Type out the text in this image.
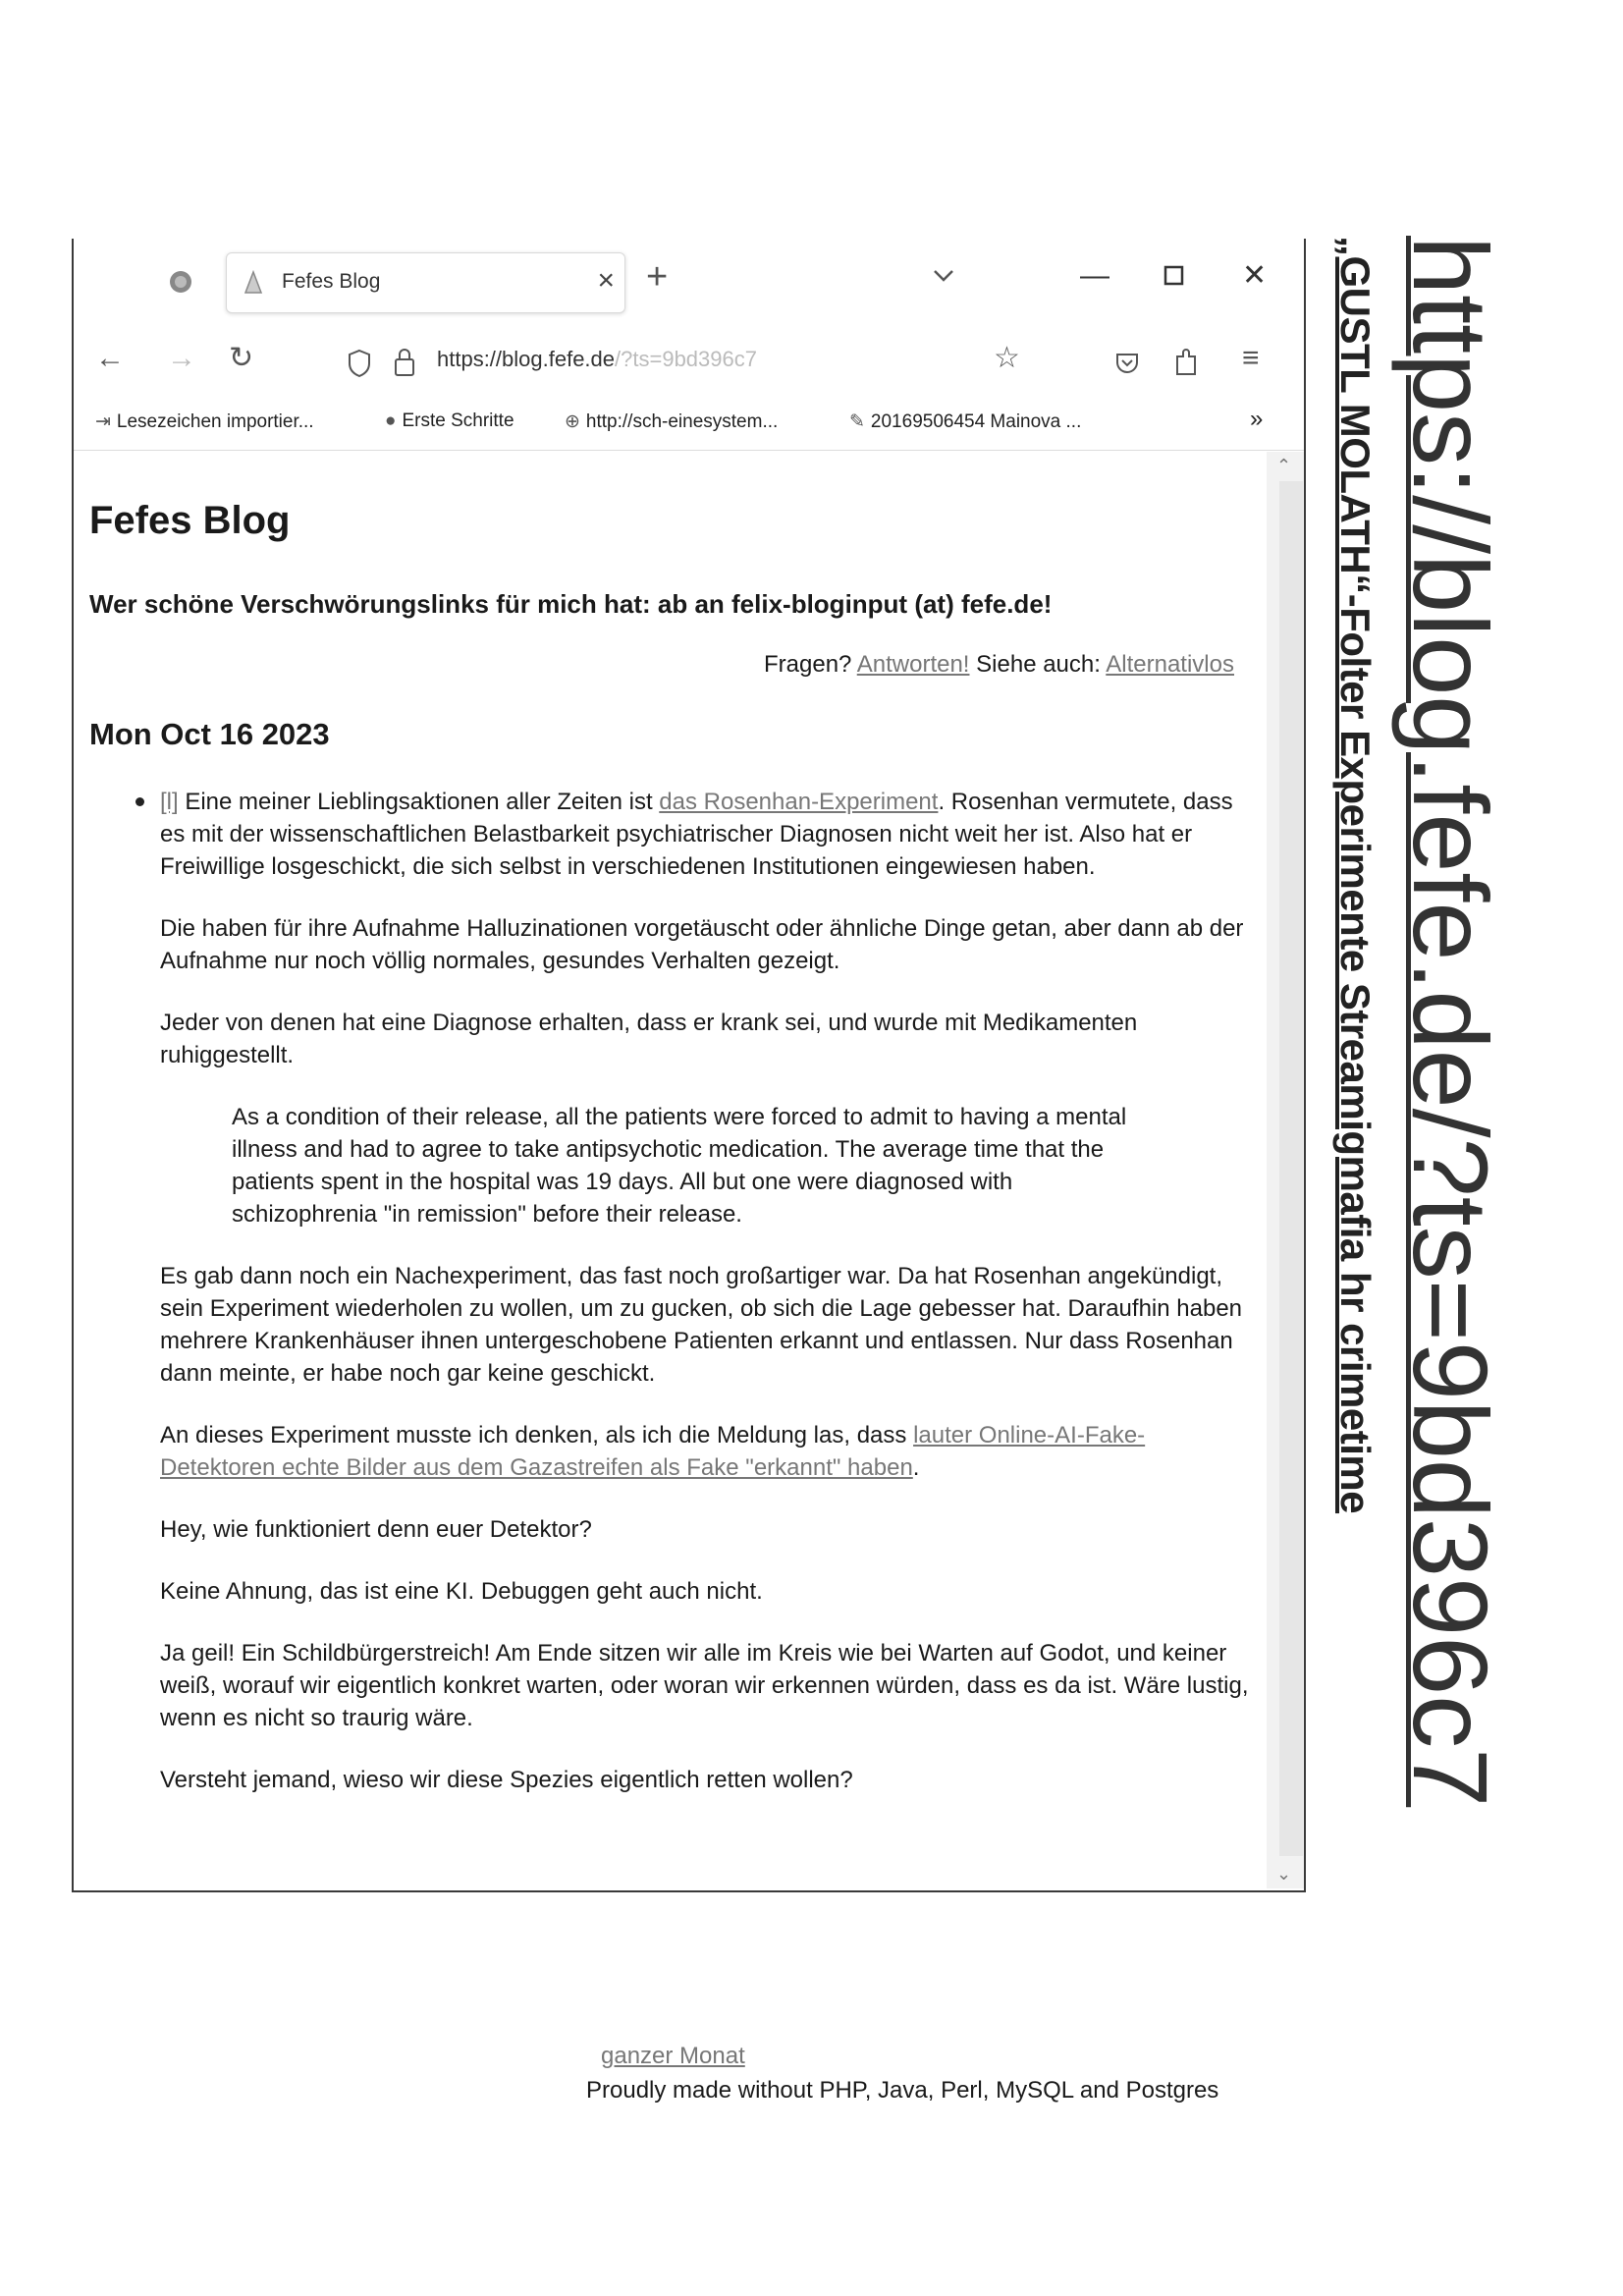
Fefes Blog	× +	—	✕
← → ↻	https://blog.fefe.de/?ts=9bd396c7	☆	≡
⇥ Lesezeichen importier...	● Erste Schritte	⊕ http://sch-einesystem...	✎ 20169506454 Mainova ...	»
Fefes Blog
Wer schöne Verschwörungslinks für mich hat: ab an felix-bloginput (at) fefe.de!
Fragen? Antworten! Siehe auch: Alternativlos
Mon Oct 16 2023

[l] Eine meiner Lieblingsaktionen aller Zeiten ist das Rosenhan-Experiment. Rosenhan vermutete, dass es mit der wissenschaftlichen Belastbarkeit psychiatrischer Diagnosen nicht weit her ist. Also hat er Freiwillige losgeschickt, die sich selbst in verschiedenen Institutionen eingewiesen haben.

Die haben für ihre Aufnahme Halluzinationen vorgetäuscht oder ähnliche Dinge getan, aber dann ab der Aufnahme nur noch völlig normales, gesundes Verhalten gezeigt.

Jeder von denen hat eine Diagnose erhalten, dass er krank sei, und wurde mit Medikamenten ruhiggestellt.

As a condition of their release, all the patients were forced to admit to having a mental illness and had to agree to take antipsychotic medication. The average time that the patients spent in the hospital was 19 days. All but one were diagnosed with schizophrenia "in remission" before their release.

Es gab dann noch ein Nachexperiment, das fast noch großartiger war. Da hat Rosenhan angekündigt, sein Experiment wiederholen zu wollen, um zu gucken, ob sich die Lage gebesser hat. Daraufhin haben mehrere Krankenhäuser ihnen untergeschobene Patienten erkannt und entlassen. Nur dass Rosenhan dann meinte, er habe noch gar keine geschickt.

An dieses Experiment musste ich denken, als ich die Meldung las, dass lauter Online-AI-Fake-Detektoren echte Bilder aus dem Gazastreifen als Fake "erkannt" haben.

Hey, wie funktioniert denn euer Detektor?

Keine Ahnung, das ist eine KI. Debuggen geht auch nicht.

Ja geil! Ein Schildbürgerstreich! Am Ende sitzen wir alle im Kreis wie bei Warten auf Godot, und keiner weiß, worauf wir eigentlich konkret warten, oder woran wir erkennen würden, dass es da ist. Wäre lustig, wenn es nicht so traurig wäre.

Versteht jemand, wieso wir diese Spezies eigentlich retten wollen?

ganzer Monat
Proudly made without PHP, Java, Perl, MySQL and Postgres
⌃
⌄
https://blog.fefe.de/?ts=9bd396c7
„GUSTL MOLATH“-Folter Experimente Streamigmafia hr crimetime
